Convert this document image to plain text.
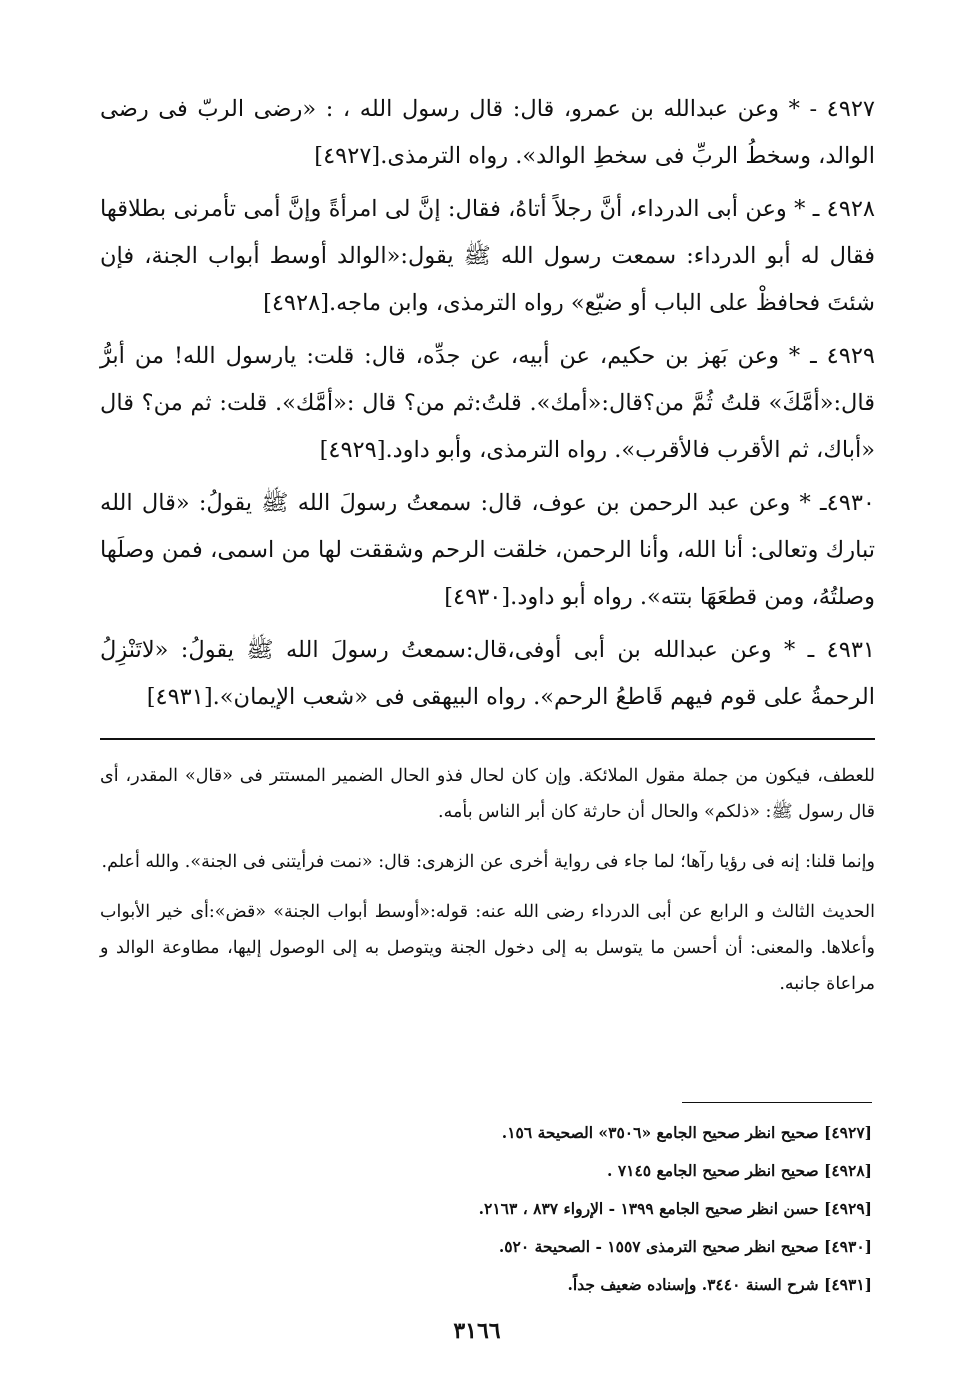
٤٩٢٧ - * وعن عبدالله بن عمرو، قال: قال رسول الله ، : «رضى الربّ فى رضى الوالد، وسخطُ الربِّ فى سخطِ الوالد». رواه الترمذى.[٤٩٢٧]

٤٩٢٨ ـ * وعن أبى الدرداء، أنَّ رجلاً أتاهُ، فقال: إنَّ لى امرأةً وإنَّ أمى تأمرنى بطلاقها فقال له أبو الدرداء: سمعت رسول الله ﷺ يقول:«الوالد أوسط أبواب الجنة، فإن شئتَ فحافظْ على الباب أو ضيّع» رواه الترمذى، وابن ماجه.[٤٩٢٨]

٤٩٢٩ ـ * وعن بَهز بن حكيم، عن أبيه، عن جدِّه، قال: قلت: يارسول الله! من أبرُّ قال:«أمَّكَ» قلتُ ثُمَّ من؟قال:«أمك». قلتُ:ثم من؟ قال :«أمَّك». قلت: ثم من؟ قال «أباك، ثم الأقرب فالأقرب». رواه الترمذى، وأبو داود.[٤٩٢٩]

٤٩٣٠ـ * وعن عبد الرحمن بن عوف، قال: سمعتُ رسولَ الله ﷺ يقولُ: «قال الله تبارك وتعالى: أنا الله، وأنا الرحمن، خلقت الرحم وشققت لها من اسمى، فمن وصلَها وصلتُهُ، ومن قطعَهَا بتته». رواه أبو داود.[٤٩٣٠]

٤٩٣١ ـ * وعن عبدالله بن أبى أوفى،قال:سمعتُ رسولَ الله ﷺ يقولُ: «لاتَنْزِلُ الرحمةُ على قوم فيهم قَاطعُ الرحم». رواه البيهقى فى «شعب الإيمان».[٤٩٣١]

للعطف، فيكون من جملة مقول الملائكة. وإن كان لحال فذو الحال الضمير المستتر فى «قال» المقدر، أى قال رسول ﷺ: «ذلكم» والحال أن حارثة كان أبر الناس بأمه.

وإنما قلنا: إنه فى رؤيا رآها؛ لما جاء فى رواية أخرى عن الزهرى: قال: «نمت فرأيتنى فى الجنة». والله أعلم.

الحديث الثالث و الرابع عن أبى الدرداء رضى الله عنه: قوله:«أوسط أبواب الجنة» «قض»:أى خير الأبواب وأعلاها. والمعنى: أن أحسن ما يتوسل به إلى دخول الجنة ويتوصل به إلى الوصول إليها، مطاوعة الوالد و مراعاة جانبه.

[٤٩٢٧] صحيح انظر صحيح الجامع «٣٥٠٦» الصحيحة ١٥٦.

[٤٩٢٨] صحيح انظر صحيح الجامع ٧١٤٥ .

[٤٩٢٩] حسن انظر صحيح الجامع ١٣٩٩ - الإرواء ٨٣٧ ، ٢١٦٣.

[٤٩٣٠] صحيح انظر صحيح الترمذى ١٥٥٧ - الصحيحة ٥٢٠.

[٤٩٣١] شرح السنة ٣٤٤٠. وإسناده ضعيف جداً.

٣١٦٦
